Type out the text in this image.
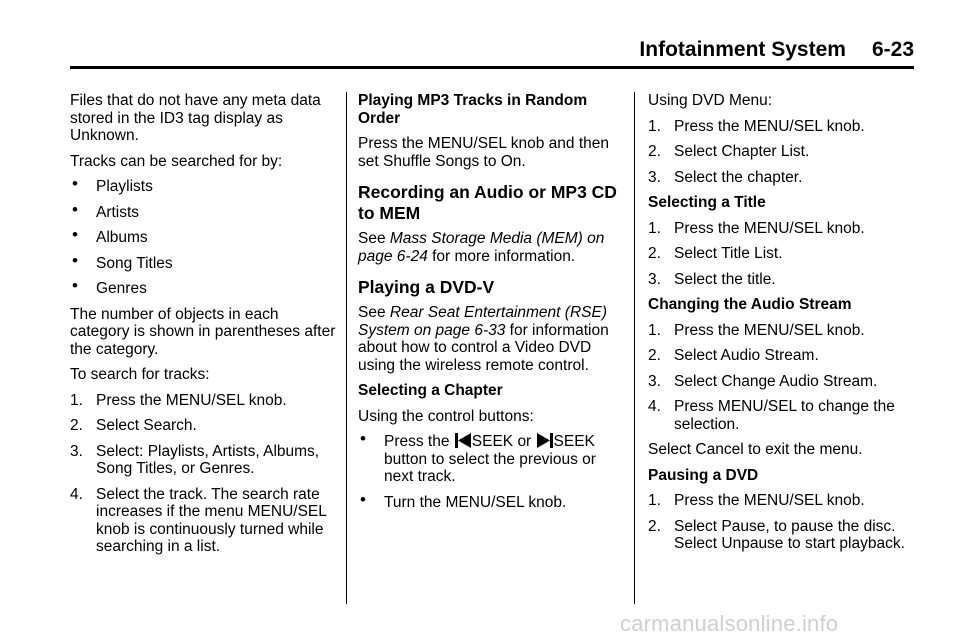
Infotainment System 6-23

Files that do not have any meta data stored in the ID3 tag display as Unknown.

Tracks can be searched for by:

• Playlists
• Artists
• Albums
• Song Titles
• Genres

The number of objects in each category is shown in parentheses after the category.

To search for tracks:

1. Press the MENU/SEL knob.
2. Select Search.
3. Select: Playlists, Artists, Albums, Song Titles, or Genres.
4. Select the track. The search rate increases if the menu MENU/SEL knob is continuously turned while searching in a list.

Playing MP3 Tracks in Random Order

Press the MENU/SEL knob and then set Shuffle Songs to On.

Recording an Audio or MP3 CD to MEM

See Mass Storage Media (MEM) on page 6‑24 for more information.

Playing a DVD-V

See Rear Seat Entertainment (RSE) System on page 6‑33 for information about how to control a Video DVD using the wireless remote control.

Selecting a Chapter

Using the control buttons:

• Press the SEEK or SEEK button to select the previous or next track.
• Turn the MENU/SEL knob.

Using DVD Menu:

1. Press the MENU/SEL knob.
2. Select Chapter List.
3. Select the chapter.

Selecting a Title

1. Press the MENU/SEL knob.
2. Select Title List.
3. Select the title.

Changing the Audio Stream

1. Press the MENU/SEL knob.
2. Select Audio Stream.
3. Select Change Audio Stream.
4. Press MENU/SEL to change the selection.

Select Cancel to exit the menu.

Pausing a DVD

1. Press the MENU/SEL knob.
2. Select Pause, to pause the disc. Select Unpause to start playback.
carmanualsonline.info
